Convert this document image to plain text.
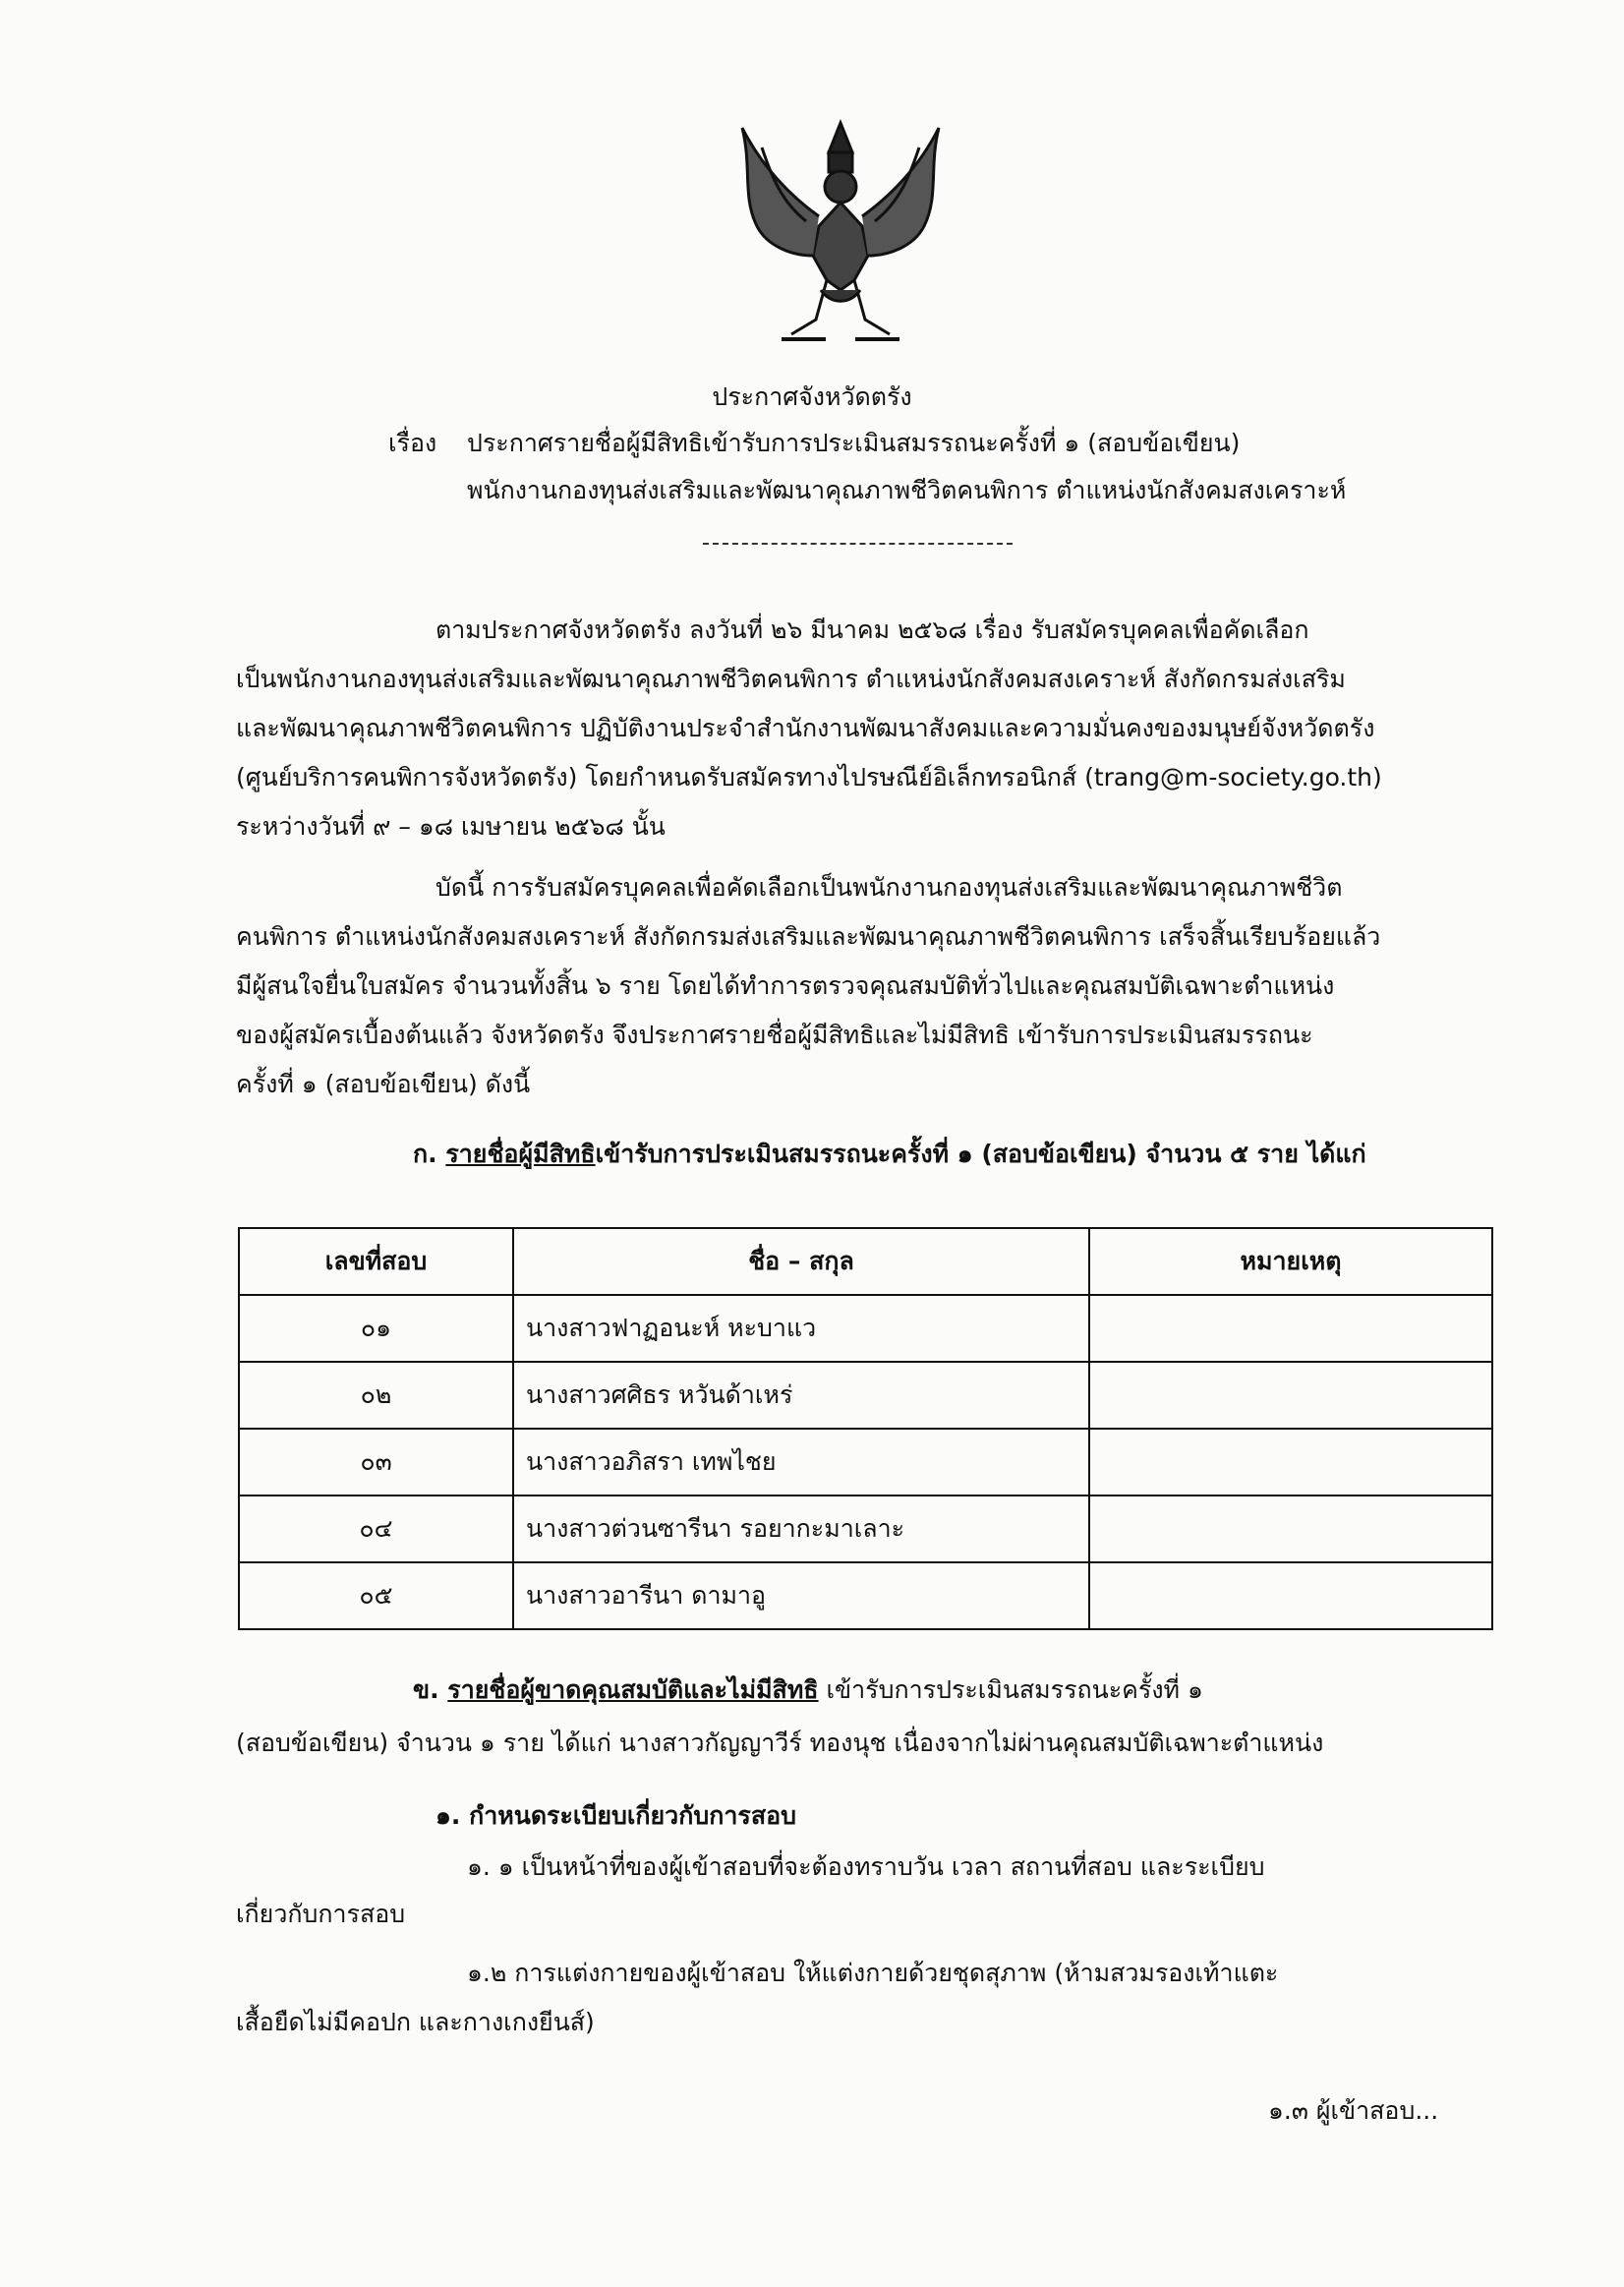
ประกาศจังหวัดตรัง
เรื่อง ประกาศรายชื่อผู้มีสิทธิเข้ารับการประเมินสมรรถนะครั้งที่ ๑ (สอบข้อเขียน)
พนักงานกองทุนส่งเสริมและพัฒนาคุณภาพชีวิตคนพิการ ตำแหน่งนักสังคมสงเคราะห์
ตามประกาศจังหวัดตรัง ลงวันที่ ๒๖ มีนาคม ๒๕๖๘ เรื่อง รับสมัครบุคคลเพื่อคัดเลือก
เป็นพนักงานกองทุนส่งเสริมและพัฒนาคุณภาพชีวิตคนพิการ ตำแหน่งนักสังคมสงเคราะห์ สังกัดกรมส่งเสริม
และพัฒนาคุณภาพชีวิตคนพิการ ปฏิบัติงานประจำสำนักงานพัฒนาสังคมและความมั่นคงของมนุษย์จังหวัดตรัง
(ศูนย์บริการคนพิการจังหวัดตรัง) โดยกำหนดรับสมัครทางไปรษณีย์อิเล็กทรอนิกส์ (trang@m-society.go.th)
ระหว่างวันที่ ๙ – ๑๘ เมษายน ๒๕๖๘ นั้น
บัดนี้ การรับสมัครบุคคลเพื่อคัดเลือกเป็นพนักงานกองทุนส่งเสริมและพัฒนาคุณภาพชีวิต
คนพิการ ตำแหน่งนักสังคมสงเคราะห์ สังกัดกรมส่งเสริมและพัฒนาคุณภาพชีวิตคนพิการ เสร็จสิ้นเรียบร้อยแล้ว
มีผู้สนใจยื่นใบสมัคร จำนวนทั้งสิ้น ๖ ราย โดยได้ทำการตรวจคุณสมบัติทั่วไปและคุณสมบัติเฉพาะตำแหน่ง
ของผู้สมัครเบื้องต้นแล้ว จังหวัดตรัง จึงประกาศรายชื่อผู้มีสิทธิและไม่มีสิทธิ เข้ารับการประเมินสมรรถนะ
ครั้งที่ ๑ (สอบข้อเขียน) ดังนี้
ก. รายชื่อผู้มีสิทธิเข้ารับการประเมินสมรรถนะครั้งที่ ๑ (สอบข้อเขียน) จำนวน ๕ ราย ได้แก่
เลขที่สอบ	ชื่อ – สกุล	หมายเหตุ
๐๑	นางสาวฟาฏอนะห์ หะบาแว	
๐๒	นางสาวศศิธร หวันด้าเหร่	
๐๓	นางสาวอภิสรา เทพไชย	
๐๔	นางสาวต่วนซารีนา รอยากะมาเลาะ	
๐๕	นางสาวอารีนา ดามาอู	
ข. รายชื่อผู้ขาดคุณสมบัติและไม่มีสิทธิ เข้ารับการประเมินสมรรถนะครั้งที่ ๑
(สอบข้อเขียน) จำนวน ๑ ราย ได้แก่ นางสาวกัญญาวีร์ ทองนุช เนื่องจากไม่ผ่านคุณสมบัติเฉพาะตำแหน่ง
๑. กำหนดระเบียบเกี่ยวกับการสอบ
๑. ๑ เป็นหน้าที่ของผู้เข้าสอบที่จะต้องทราบวัน เวลา สถานที่สอบ และระเบียบ
เกี่ยวกับการสอบ
๑.๒ การแต่งกายของผู้เข้าสอบ ให้แต่งกายด้วยชุดสุภาพ (ห้ามสวมรองเท้าแตะ
เสื้อยืดไม่มีคอปก และกางเกงยีนส์)
๑.๓ ผู้เข้าสอบ...
